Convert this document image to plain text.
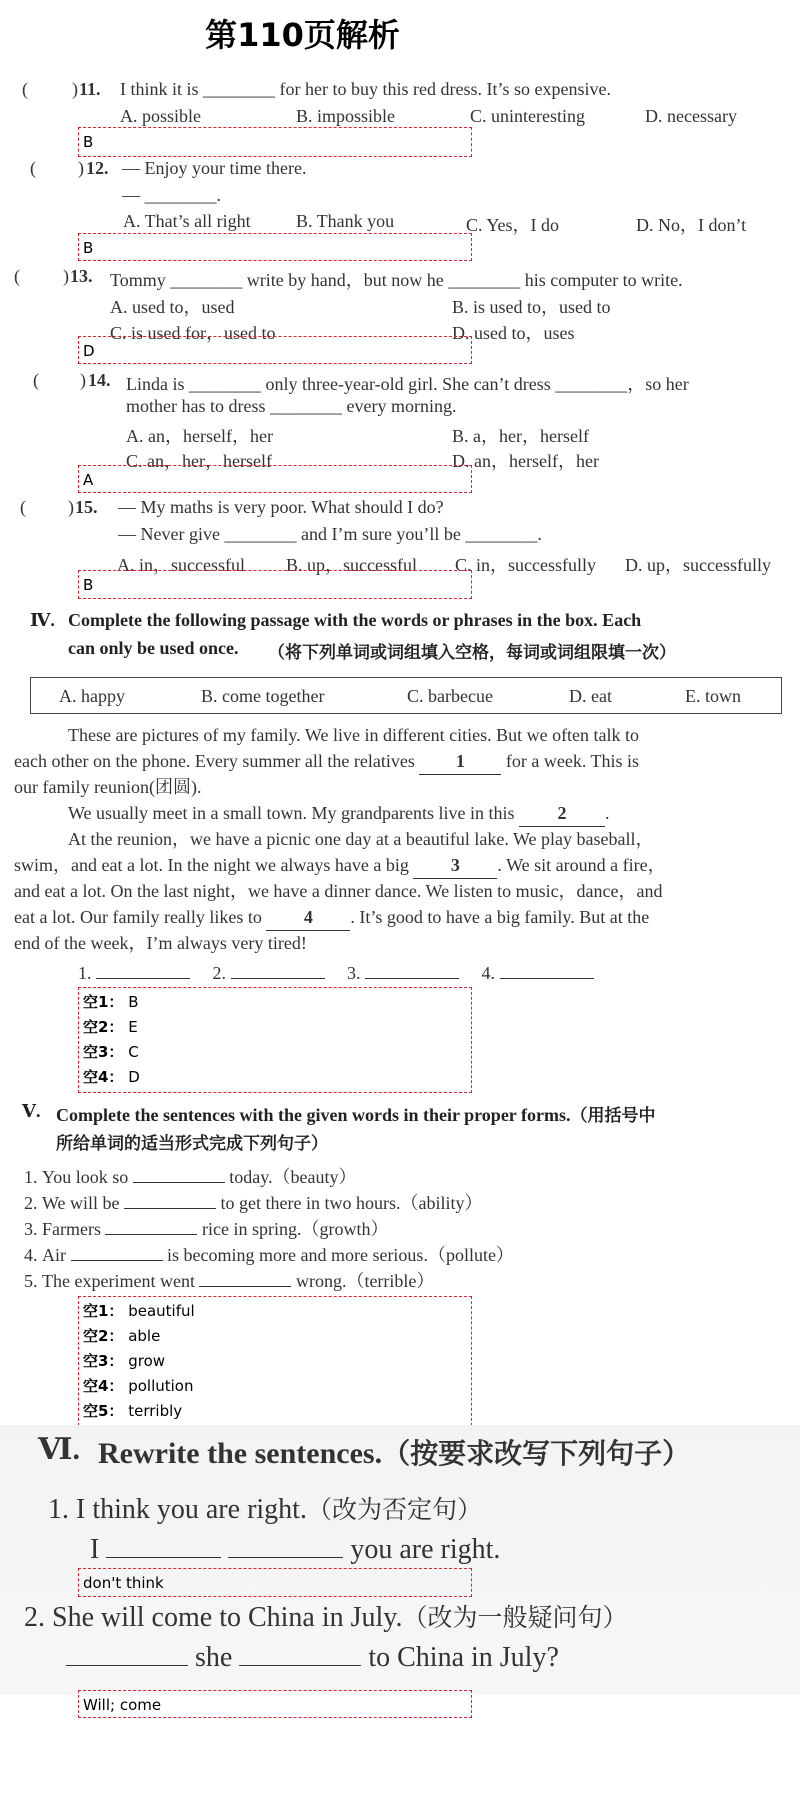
第110页解析
( ) 11. I think it is ________ for her to buy this red dress. It’s so expensive.
A. possible	B. impossible	C. uninteresting	D. necessary
B
( ) 12. — Enjoy your time there.
— ________.
A. That’s all right	B. Thank you	C. Yes，I do	D. No，I don’t
B
( ) 13. Tommy ________ write by hand，but now he ________ his computer to write.
A. used to，used	B. is used to，used to
C. is used for，used to	D. used to，uses
D
( ) 14. Linda is ________ only three-year-old girl. She can’t dress ________，so her
mother has to dress ________ every morning.
A. an，herself，her	B. a，her，herself
C. an，her，herself	D. an，herself，her
A
( ) 15. — My maths is very poor. What should I do?
— Never give ________ and I’m sure you’ll be ________.
A. in，successful B. up，successful C. in，successfully D. up，successfully
B
Ⅳ. Complete the following passage with the words or phrases in the box. Each
can only be used once. （将下列单词或词组填入空格，每词或词组限填一次）
A. happy	B. come together	C. barbecue	D. eat	E. town
These are pictures of my family. We live in different cities. But we often talk to
each other on the phone. Every summer all the relatives 1 for a week. This is
our family reunion(团圆).
We usually meet in a small town. My grandparents live in this 2 .
At the reunion，we have a picnic one day at a beautiful lake. We play baseball，
swim，and eat a lot. In the night we always have a big 3 . We sit around a fire，
and eat a lot. On the last night，we have a dinner dance. We listen to music，dance，and
eat a lot. Our family really likes to 4 . It’s good to have a big family. But at the
end of the week，I’m always very tired!
1.	2.	3.	4.
空1： B
空2： E
空3： C
空4： D
Ⅴ. Complete the sentences with the given words in their proper forms.（用括号中
所给单词的适当形式完成下列句子）
1. You look so	today.（beauty）
2. We will be	to get there in two hours.（ability）
3. Farmers	rice in spring.（growth）
4. Air	is becoming more and more serious.（pollute）
5. The experiment went	wrong.（terrible）
空1： beautiful
空2： able
空3： grow
空4： pollution
空5： terribly
Ⅵ. Rewrite the sentences.（按要求改写下列句子）
1. I think you are right.（改为否定句）
I	you are right.
don't think
2. She will come to China in July.（改为一般疑问句）
she	to China in July?
Will; come
